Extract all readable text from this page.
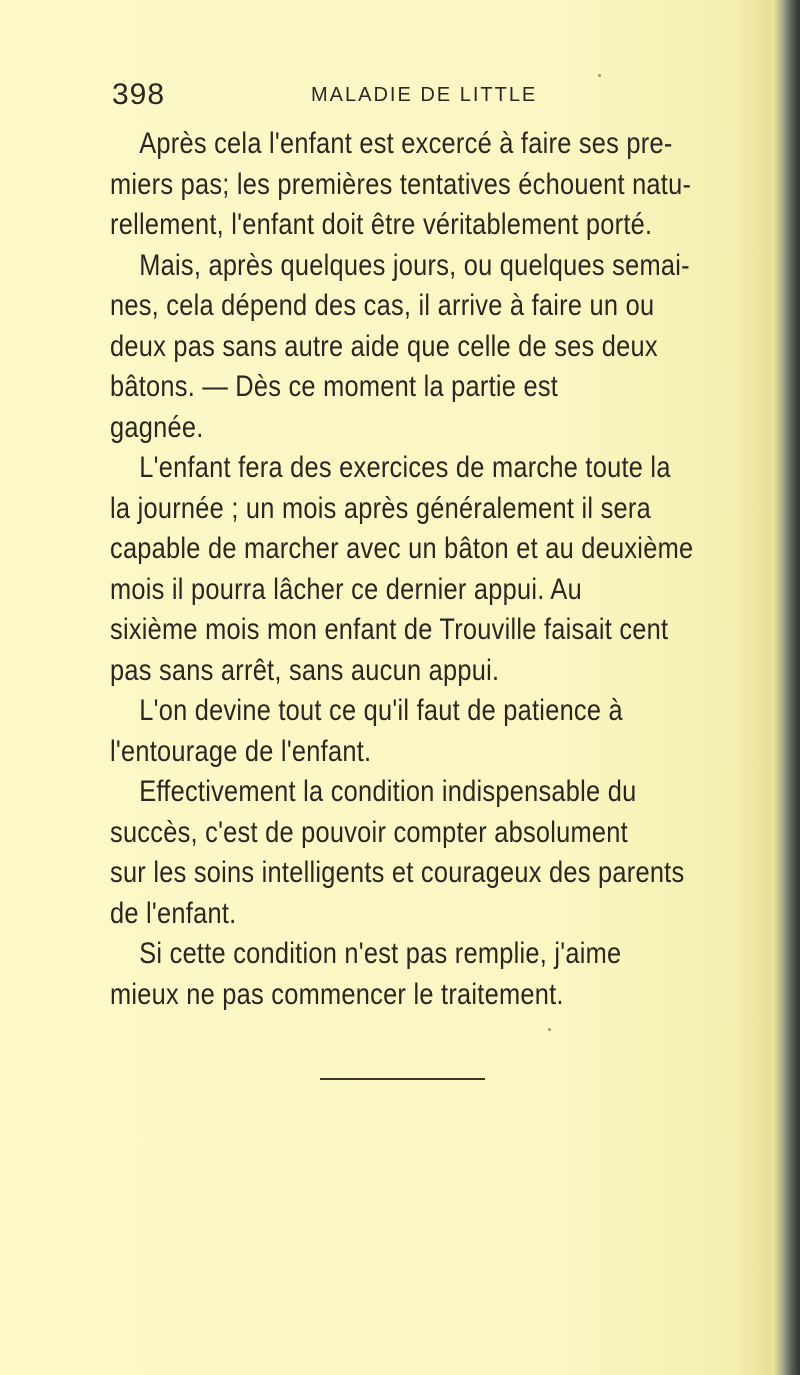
398	MALADIE DE LITTLE
Après cela l'enfant est excercé à faire ses pre-
miers pas; les premières tentatives échouent natu-
rellement, l'enfant doit être véritablement porté.
Mais, après quelques jours, ou quelques semai-
nes, cela dépend des cas, il arrive à faire un ou
deux pas sans autre aide que celle de ses deux
bâtons. — Dès ce moment la partie est
gagnée.
L'enfant fera des exercices de marche toute la
la journée ; un mois après généralement il sera
capable de marcher avec un bâton et au deuxième
mois il pourra lâcher ce dernier appui. Au
sixième mois mon enfant de Trouville faisait cent
pas sans arrêt, sans aucun appui.
L'on devine tout ce qu'il faut de patience à
l'entourage de l'enfant.
Effectivement la condition indispensable du
succès, c'est de pouvoir compter absolument
sur les soins intelligents et courageux des parents
de l'enfant.
Si cette condition n'est pas remplie, j'aime
mieux ne pas commencer le traitement.
